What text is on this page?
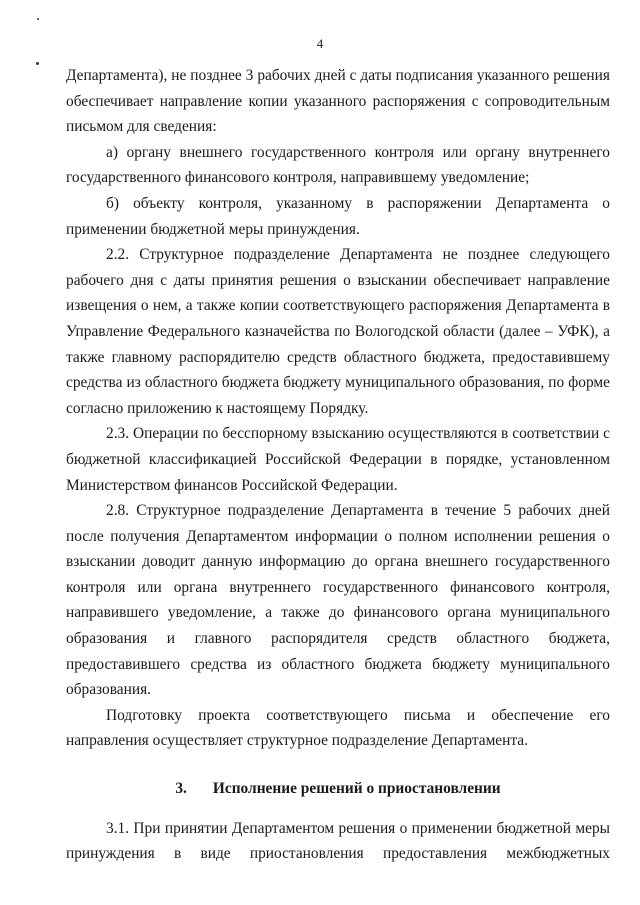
4

Департамента), не позднее 3 рабочих дней с даты подписания указанного решения обеспечивает направление копии указанного распоряжения с сопроводительным письмом для сведения:

а) органу внешнего государственного контроля или органу внутреннего государственного финансового контроля, направившему уведомление;

б) объекту контроля, указанному в распоряжении Департамента о применении бюджетной меры принуждения.

2.2. Структурное подразделение Департамента не позднее следующего рабочего дня с даты принятия решения о взыскании обеспечивает направление извещения о нем, а также копии соответствующего распоряжения Департамента в Управление Федерального казначейства по Вологодской области (далее – УФК), а также главному распорядителю средств областного бюджета, предоставившему средства из областного бюджета бюджету муниципального образования, по форме согласно приложению к настоящему Порядку.

2.3. Операции по бесспорному взысканию осуществляются в соответствии с бюджетной классификацией Российской Федерации в порядке, установленном Министерством финансов Российской Федерации.

2.8. Структурное подразделение Департамента в течение 5 рабочих дней после получения Департаментом информации о полном исполнении решения о взыскании доводит данную информацию до органа внешнего государственного контроля или органа внутреннего государственного финансового контроля, направившего уведомление, а также до финансового органа муниципального образования и главного распорядителя средств областного бюджета, предоставившего средства из областного бюджета бюджету муниципального образования.

Подготовку проекта соответствующего письма и обеспечение его направления осуществляет структурное подразделение Департамента.

3. Исполнение решений о приостановлении

3.1. При принятии Департаментом решения о применении бюджетной меры принуждения в виде приостановления предоставления межбюджетных
